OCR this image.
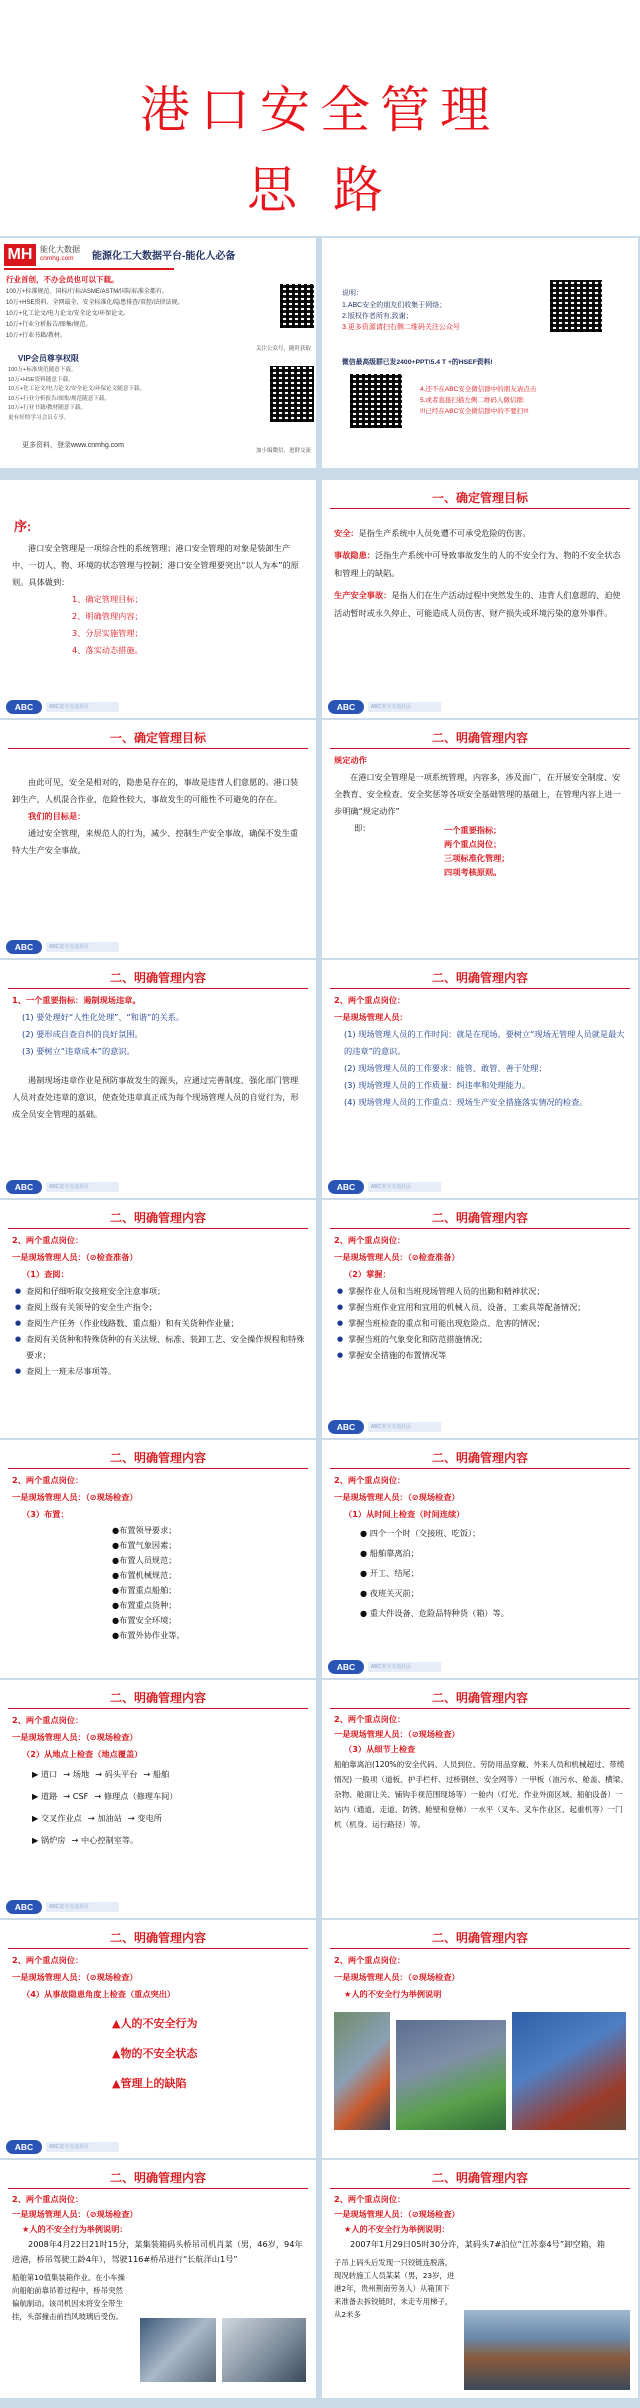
港口安全管理
思 路
MH 能化大数据
cnmhg.com 能源化工大数据平台-能化人必备
行业首创，不办会员也可以下载。
100万+标准规范、国标/行标/ASME/ASTM/国际标准全都有。
10万+HSE资料、全网最全、安全标准化/隐患排查/双控/法律法规。
10万+化工论文/电力论文/安全论文/环保论文。
10万+行业分析报告/图集/规范。
10万+行业书籍/教材。
VIP会员尊享权限
100万+标准规范随意下载。
10万+HSE资料随意下载。
10万+化工论文/电力论文/安全论文/环保论文随意下载。
10万+行业分析报告/图集/规范随意下载。
10万+行业书籍/教材随意下载。
更有好的学习会员专享。
更多资料，登录www.cnmhg.com
关注公众号，随时获取
加小编微信，进群交流
说明：
1.ABC安全的朋友们收集于网络；
2.版权作者所有,致谢；
3.更多资源请扫右侧二维码关注公众号
微信最高级群已发2400+PPT\5.4 T +的HSEF资料!
4.还不在ABC安全微信群中的朋友请点击
5.或者直接扫描左侧二维码人微信群:
!!!已经在ABC安全微信群中的不要扫!!!
序:
港口安全管理是一项综合性的系统管理；港口安全管理的对象是装卸生产中、一切人、物、环境的状态管理与控制；港口安全管理要突出“以人为本”的原则。具体做到：
1、确定管理目标；
2、明确管理内容；
3、分层实施管理；
4、落实动态措施。
ABC	ABC安全交流社区
一、确定管理目标
安全：是指生产系统中人员免遭不可承受危险的伤害。
事故隐患：泛指生产系统中可导致事故发生的人的不安全行为、物的不安全状态和管理上的缺陷。
生产安全事故：是指人们在生产活动过程中突然发生的、违背人们意愿的、迫使活动暂时或永久停止、可能造成人员伤害、财产损失或环境污染的意外事件。
ABC	ABC安全交流社区
一、确定管理目标
由此可见，安全是相对的，隐患是存在的，事故是违背人们意愿的。港口装卸生产，人机混合作业，危险性较大，事故发生的可能性不可避免的存在。
我们的目标是：
通过安全管理，来规范人的行为，减少、控制生产安全事故，确保不发生重特大生产安全事故。
ABC	ABC安全交流社区
二、明确管理内容
规定动作
在港口安全管理是一项系统管理，内容多，涉及面广，在开展安全制度、安全教育、安全检查、安全奖惩等各项安全基础管理的基础上，在管理内容上进一步明确“规定动作”
即：	一个重要指标；
两个重点岗位；
三项标准化管理；
四项考核原则。
二、明确管理内容
1、一个重要指标：遏制现场违章。
(1) 要处理好“人性化处理”、“和谐”的关系。
(2) 要形成自查自纠的良好氛围。
(3) 要树立“违章成本”的意识。
遏制现场违章作业是预防事故发生的源头，应通过完善制度、强化部门管理人员对查处违章的意识，使查处违章真正成为每个现场管理人员的自觉行为，形成全员安全管理的基础。
ABC	ABC安全交流社区
二、明确管理内容
2、两个重点岗位：
一是现场管理人员：
(1) 现场管理人员的工作时间：就是在现场。要树立“现场无管理人员就是最大的违章”的意识。
(2) 现场管理人员的工作要求：能管、敢管、善于处理；
(3) 现场管理人员的工作质量：纠违率和处理能力。
(4) 现场管理人员的工作重点：现场生产安全措施落实情况的检查。
ABC	ABC安全交流社区
二、明确管理内容
2、两个重点岗位：
一是现场管理人员：（⊘检查准备）
（1）查阅：
● 查阅和仔细听取交接班安全注意事项；
● 查阅上级有关领导的安全生产指令；
● 查阅生产任务（作业线路数、重点船）和有关货种作业量；
● 查阅有关货种和特殊货种的有关法规、标准、装卸工艺、安全操作规程和特殊要求；
● 查阅上一班未尽事项等。
二、明确管理内容
2、两个重点岗位：
一是现场管理人员：（⊘检查准备）
（2）掌握：
● 掌握作业人员和当班现场管理人员的出勤和精神状况；
● 掌握当班作业宜用和宜用的机械人员、设备、工索具等配备情况；
● 掌握当班检查的重点和可能出现危险点、危害的情况；
● 掌握当班的气象变化和防范措施情况；
● 掌握安全措施的布置情况等
ABC	ABC安全交流社区
二、明确管理内容
2、两个重点岗位：
一是现场管理人员：（⊘现场检查）
（3）布置：
●布置领导要求；
●布置气象因素；
●布置人员规范；
●布置机械规范；
●布置重点船舶；
●布置重点货种；
●布置安全环境；
●布置外协作业等。
二、明确管理内容
2、两个重点岗位：
一是现场管理人员：（⊘现场检查）
（1）从时间上检查（时间连续）
● 四个一个时（交接班、吃饭）；
● 船舶靠离泊；
● 开工、结尾；
● 夜班关灭前；
● 重大件设备、危险品特种货（箱）等。
ABC	ABC安全交流社区
二、明确管理内容
2、两个重点岗位：
一是现场管理人员：（⊘现场检查）
（2）从地点上检查（地点覆盖）
▶ 道口 → 场地 → 码头平台 → 船舶
▶ 道路 → CSF → 修理点（修理车间）
▶ 交叉作业点 → 加油站 → 变电所
▶ 锅炉房 → 中心控制室等。
ABC	ABC安全交流社区
二、明确管理内容
2、两个重点岗位：
一是现场管理人员：（⊘现场检查）
（3）从细节上检查
船舶靠离泊(120%的安全代码、人员到位、劳防用品穿戴、外来人员和机械超过、带缆情况) 一般项（道板、护手栏杆、过桥钢丝、安全网等）一甲板（油污水、舱盖、横梁、杂物、舱面让关、铺钩手视范围现场等）一舱内（灯光、作业外面区域、船舶设备）一站内（通道、走道、防锈、舱壁和登梯）一水平（叉车、叉车作业区、起重机等）一门机（机身、运行路径）等。
二、明确管理内容
2、两个重点岗位：
一是现场管理人员：（⊘现场检查）
（4）从事故隐患角度上检查（重点突出）
▲人的不安全行为
▲物的不安全状态
▲管理上的缺陷
ABC	ABC安全交流社区
二、明确管理内容
2、两个重点岗位：
一是现场管理人员：（⊘现场检查）
★人的不安全行为举例说明
二、明确管理内容
2、两个重点岗位：
一是现场管理人员：（⊘现场检查）
★人的不安全行为举例说明：
2008年4月22日21时15分，某集装箱码头桥吊司机肖某（男，46岁，94年进港，桥吊驾驶工龄4年），驾驶116#桥吊进行“长航洋山1号”
船舶第10值集装箱作业。在小车操向船舶前靠吊着过程中，桥吊突然偏航制动。该司机因未将安全带生挂，头部撞击前挡风玻璃后受伤。
二、明确管理内容
2、两个重点岗位：
一是现场管理人员：（⊘现场检查）
★人的不安全行为举例说明：
2007年1月29日05时30分许，某码头7#泊位“江苏泰4号”卸空箱，箱
子吊上码头后发现一只铰链连脱落，现况转施工人员某某（男，23岁，进港2年，贵州荆南劳务人）从箱顶下来准备去拆铰链时，未走专用梯子，从2米多
